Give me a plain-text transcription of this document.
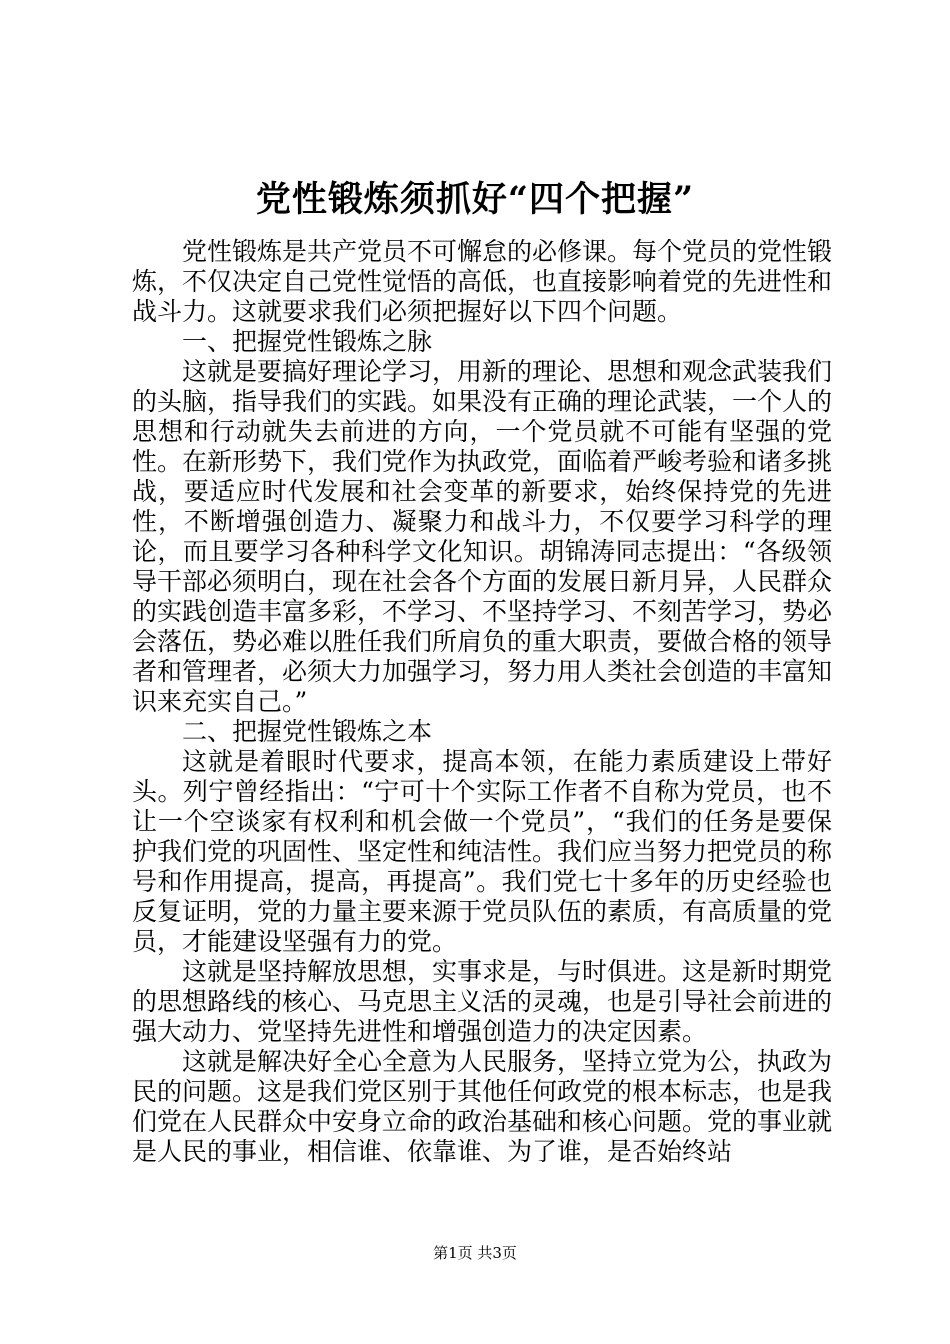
党性锻炼须抓好“四个把握”

党性锻炼是共产党员不可懈怠的必修课。每个党员的党性锻炼，不仅决定自己党性觉悟的高低，也直接影响着党的先进性和战斗力。这就要求我们必须把握好以下四个问题。

一、把握党性锻炼之脉

这就是要搞好理论学习，用新的理论、思想和观念武装我们的头脑，指导我们的实践。如果没有正确的理论武装，一个人的思想和行动就失去前进的方向，一个党员就不可能有坚强的党性。在新形势下，我们党作为执政党，面临着严峻考验和诸多挑战，要适应时代发展和社会变革的新要求，始终保持党的先进性，不断增强创造力、凝聚力和战斗力，不仅要学习科学的理论，而且要学习各种科学文化知识。胡锦涛同志提出：“各级领导干部必须明白，现在社会各个方面的发展日新月异，人民群众的实践创造丰富多彩，不学习、不坚持学习、不刻苦学习，势必会落伍，势必难以胜任我们所肩负的重大职责，要做合格的领导者和管理者，必须大力加强学习，努力用人类社会创造的丰富知识来充实自己。”

二、把握党性锻炼之本

这就是着眼时代要求，提高本领，在能力素质建设上带好头。列宁曾经指出：“宁可十个实际工作者不自称为党员，也不让一个空谈家有权利和机会做一个党员”，“我们的任务是要保护我们党的巩固性、坚定性和纯洁性。我们应当努力把党员的称号和作用提高，提高，再提高”。我们党七十多年的历史经验也反复证明，党的力量主要来源于党员队伍的素质，有高质量的党员，才能建设坚强有力的党。

这就是坚持解放思想，实事求是，与时俱进。这是新时期党的思想路线的核心、马克思主义活的灵魂，也是引导社会前进的强大动力、党坚持先进性和增强创造力的决定因素。

这就是解决好全心全意为人民服务，坚持立党为公，执政为民的问题。这是我们党区别于其他任何政党的根本标志，也是我们党在人民群众中安身立命的政治基础和核心问题。党的事业就是人民的事业，相信谁、依靠谁、为了谁，是否始终站

第1页 共3页
